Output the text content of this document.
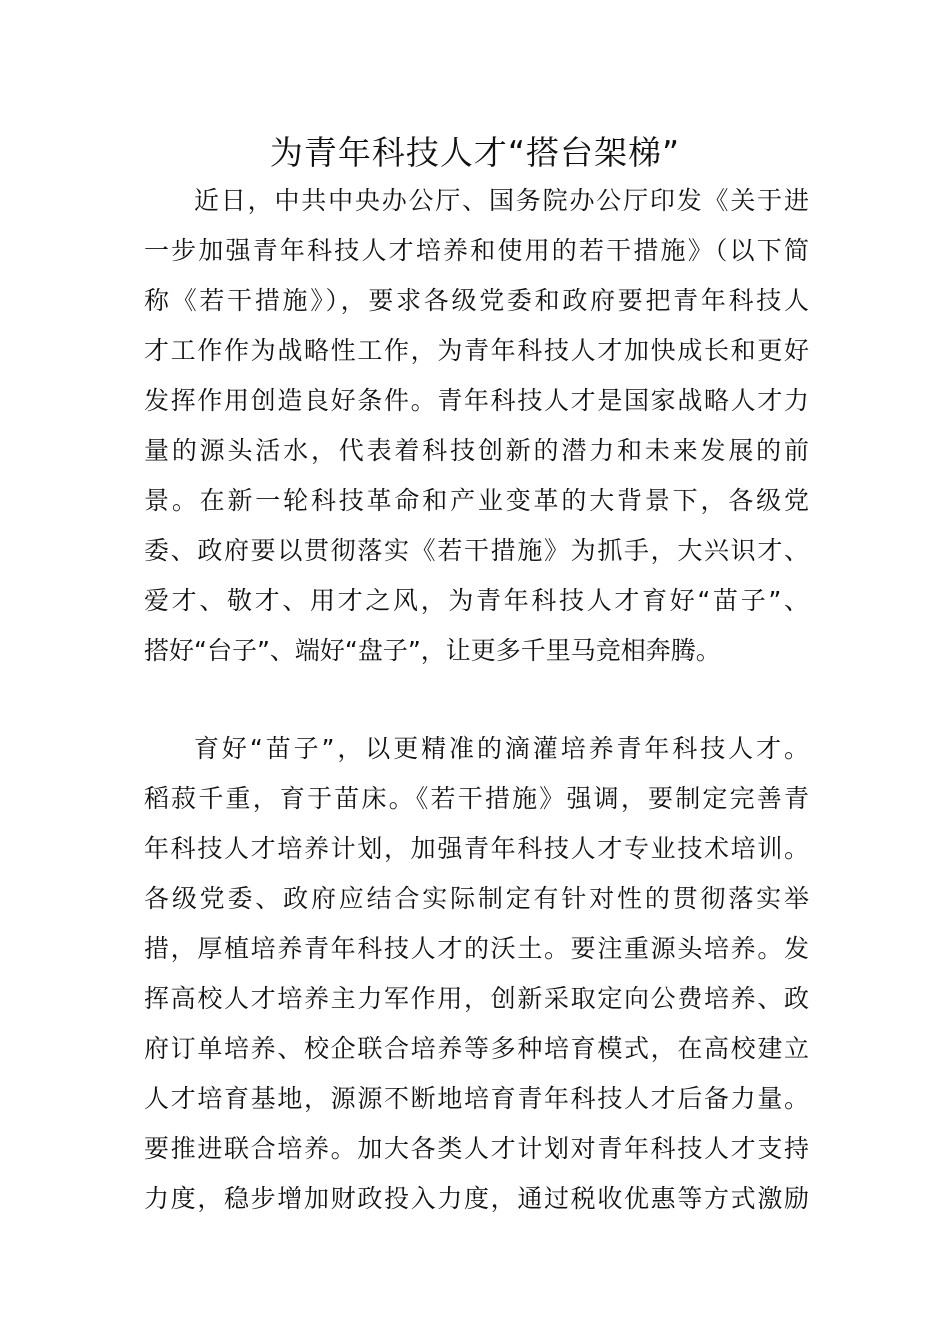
为青年科技人才“搭台架梯”
近日，中共中央办公厅、国务院办公厅印发《关于进
一步加强青年科技人才培养和使用的若干措施》（以下简
称《若干措施》），要求各级党委和政府要把青年科技人
才工作作为战略性工作，为青年科技人才加快成长和更好
发挥作用创造良好条件。青年科技人才是国家战略人才力
量的源头活水，代表着科技创新的潜力和未来发展的前
景。在新一轮科技革命和产业变革的大背景下，各级党
委、政府要以贯彻落实《若干措施》为抓手，大兴识才、
爱才、敬才、用才之风，为青年科技人才育好“苗子”、
搭好“台子”、端好“盘子”，让更多千里马竞相奔腾。
育好“苗子”，以更精准的滴灌培养青年科技人才。
稻菽千重，育于苗床。《若干措施》强调，要制定完善青
年科技人才培养计划，加强青年科技人才专业技术培训。
各级党委、政府应结合实际制定有针对性的贯彻落实举
措，厚植培养青年科技人才的沃土。要注重源头培养。发
挥高校人才培养主力军作用，创新采取定向公费培养、政
府订单培养、校企联合培养等多种培育模式，在高校建立
人才培育基地，源源不断地培育青年科技人才后备力量。
要推进联合培养。加大各类人才计划对青年科技人才支持
力度，稳步增加财政投入力度，通过税收优惠等方式激励
